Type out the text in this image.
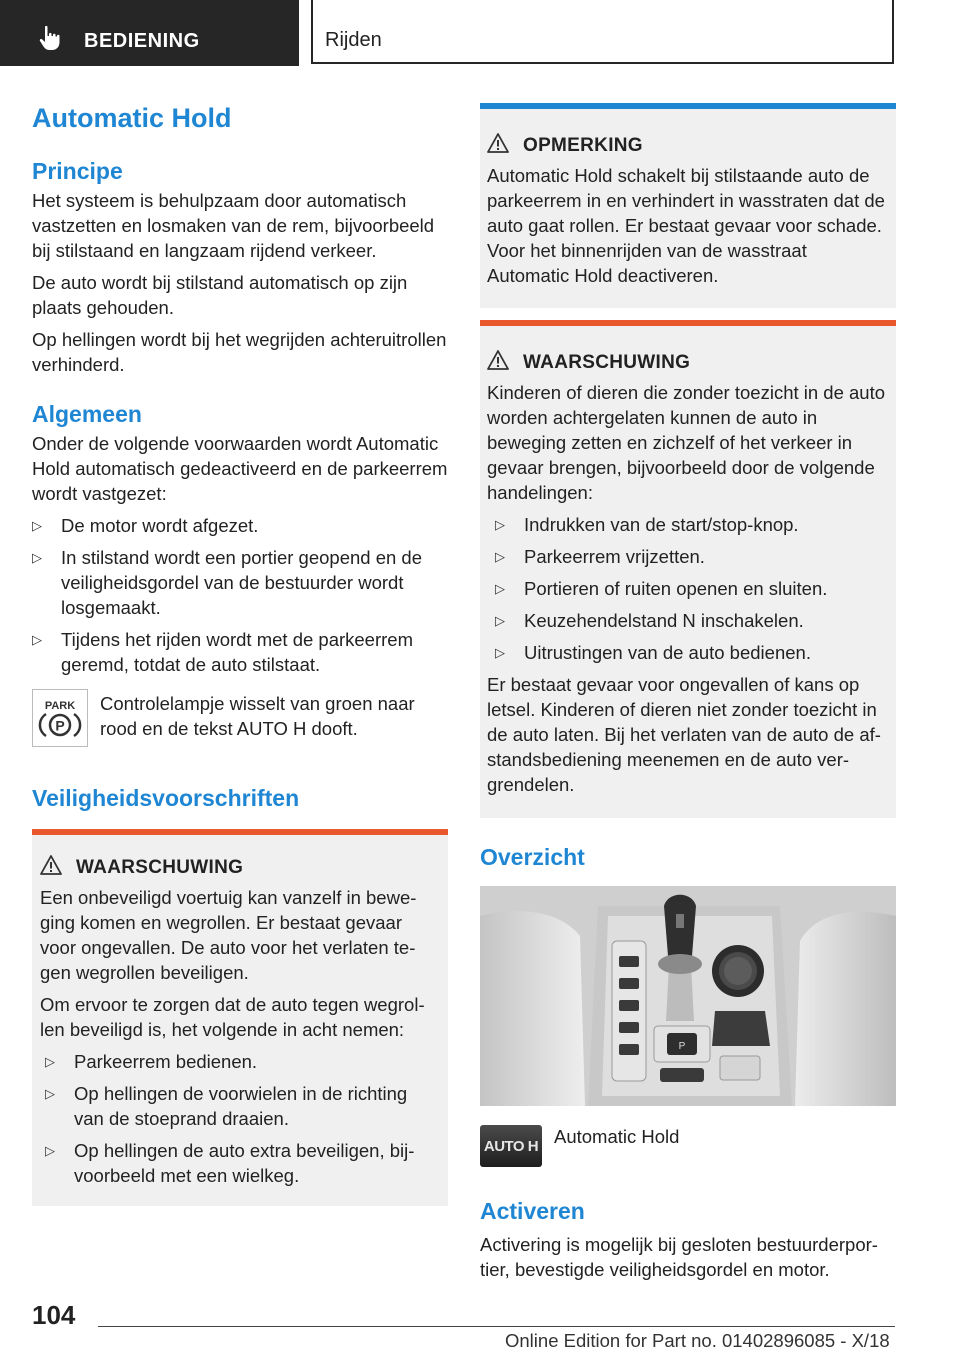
BEDIENING	Rijden
Automatic Hold
Principe

Het systeem is behulpzaam door automatisch vastzetten en losmaken van de rem, bijvoorbeeld bij stilstaand en langzaam rijdend verkeer.

De auto wordt bij stilstand automatisch op zijn plaats gehouden.

Op hellingen wordt bij het wegrijden achteruitrollen verhinderd.

Algemeen

Onder de volgende voorwaarden wordt Automatic Hold automatisch gedeactiveerd en de parkeerrem wordt vastgezet:

▷ De motor wordt afgezet.
▷ In stilstand wordt een portier geopend en de veiligheidsgordel van de bestuurder wordt losgemaakt.
▷ Tijdens het rijden wordt met de parkeerrem geremd, totdat de auto stilstaat.
PARK
P

Controlelampje wisselt van groen naar rood en de tekst AUTO H dooft.

Veiligheidsvoorschriften
WAARSCHUWING

Een onbeveiligd voertuig kan vanzelf in beweging komen en wegrollen. Er bestaat gevaar voor ongevallen. De auto voor het verlaten tegen wegrollen beveiligen.

Om ervoor te zorgen dat de auto tegen wegrollen beveiligd is, het volgende in acht nemen:

▷ Parkeerrem bedienen.
▷ Op hellingen de voorwielen in de richting van de stoeprand draaien.
▷ Op hellingen de auto extra beveiligen, bijvoorbeeld met een wielkeg.
OPMERKING

Automatic Hold schakelt bij stilstaande auto de parkeerrem in en verhindert in wasstraten dat de auto gaat rollen. Er bestaat gevaar voor schade. Voor het binnenrijden van de wasstraat Automatic Hold deactiveren.

WAARSCHUWING

Kinderen of dieren die zonder toezicht in de auto worden achtergelaten kunnen de auto in beweging zetten en zichzelf of het verkeer in gevaar brengen, bijvoorbeeld door de volgende handelingen:

▷ Indrukken van de start/stop-knop.
▷ Parkeerrem vrijzetten.
▷ Portieren of ruiten openen en sluiten.
▷ Keuzehendelstand N inschakelen.
▷ Uitrustingen van de auto bedienen.

Er bestaat gevaar voor ongevallen of kans op letsel. Kinderen of dieren niet zonder toezicht in de auto laten. Bij het verlaten van de auto de afstandsbediening meenemen en de auto vergrendelen.

Overzicht
P
AUTO H Automatic Hold

Activeren

Activering is mogelijk bij gesloten bestuurderportier, bevestigde veiligheidsgordel en motor.

104
Online Edition for Part no. 01402896085 - X/18
